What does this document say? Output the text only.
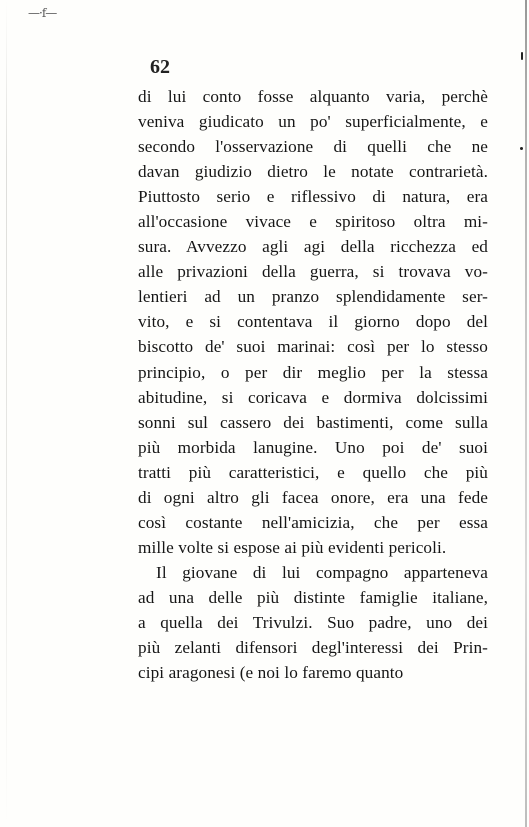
—·f—
62
di lui conto fosse alquanto varia, perchè
veniva giudicato un po' superficialmente, e
secondo l'osservazione di quelli che ne
davan giudizio dietro le notate contrarietà.
Piuttosto serio e riflessivo di natura, era
all'occasione vivace e spiritoso oltra mi-
sura. Avvezzo agli agi della ricchezza ed
alle privazioni della guerra, si trovava vo-
lentieri ad un pranzo splendidamente ser-
vito, e si contentava il giorno dopo del
biscotto de' suoi marinai: così per lo stesso
principio, o per dir meglio per la stessa
abitudine, si coricava e dormiva dolcissimi
sonni sul cassero dei bastimenti, come sulla
più morbida lanugine. Uno poi de' suoi
tratti più caratteristici, e quello che più
di ogni altro gli facea onore, era una fede
così costante nell'amicizia, che per essa
mille volte si espose ai più evidenti pericoli.
Il giovane di lui compagno apparteneva
ad una delle più distinte famiglie italiane,
a quella dei Trivulzi. Suo padre, uno dei
più zelanti difensori degl'interessi dei Prin-
cipi aragonesi (e noi lo faremo quanto
